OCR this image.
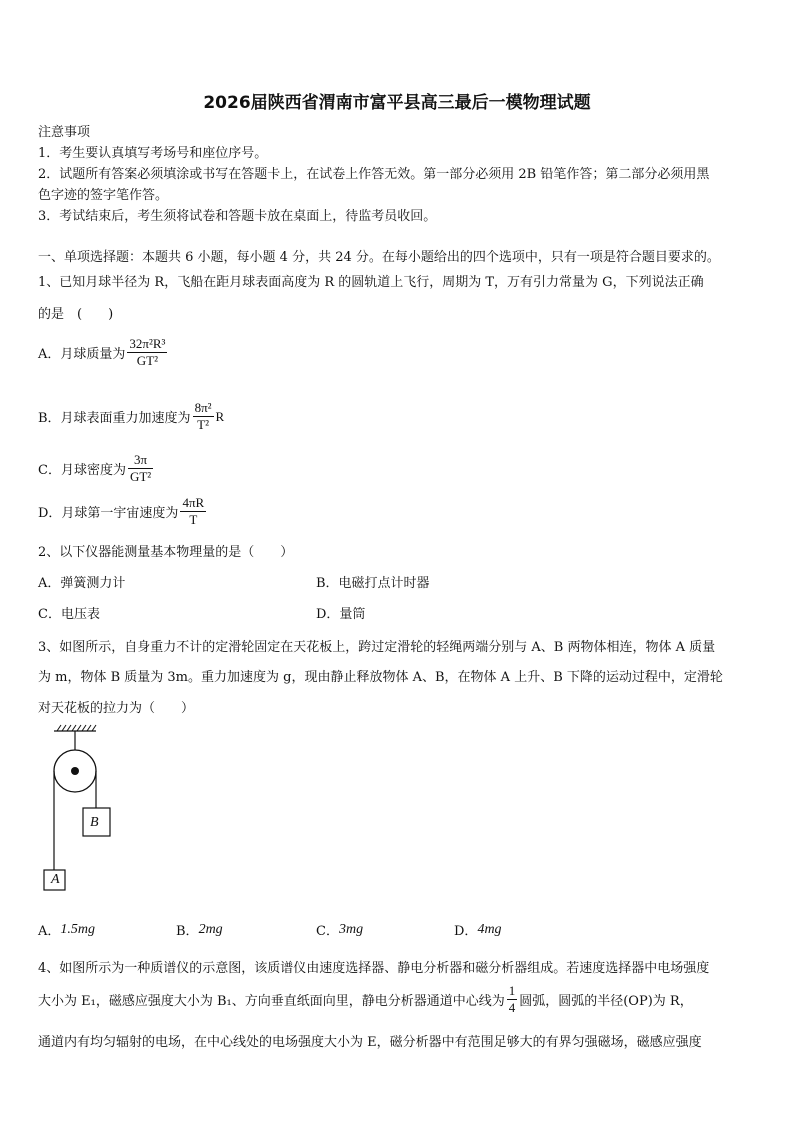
2026届陕西省渭南市富平县高三最后一模物理试题
注意事项
1．考生要认真填写考场号和座位序号。
2．试题所有答案必须填涂或书写在答题卡上，在试卷上作答无效。第一部分必须用 2B 铅笔作答；第二部分必须用黑
色字迹的签字笔作答。
3．考试结束后，考生须将试卷和答题卡放在桌面上，待监考员收回。
一、单项选择题：本题共 6 小题，每小题 4 分，共 24 分。在每小题给出的四个选项中，只有一项是符合题目要求的。
1、已知月球半径为 R，飞船在距月球表面高度为 R 的圆轨道上飞行，周期为 T，万有引力常量为 G，下列说法正确
的是　(　　)
A．月球质量为 $\frac{\text{32π²R³}}{\text{GT²}}$
B．月球表面重力加速度为 $\frac{\text{8π²}}{\text{T²}}$ R
C．月球密度为 $\frac{3\pi}{\text{GT²}}$
D．月球第一宇宙速度为 $\frac{4\pi R}{T}$
2、以下仪器能测量基本物理量的是（　　）
A．弹簧测力计	B．电磁打点计时器
C．电压表	D．量筒
3、如图所示，自身重力不计的定滑轮固定在天花板上，跨过定滑轮的轻绳两端分别与 A、B 两物体相连，物体 A 质量
为 m，物体 B 质量为 3m。重力加速度为 g，现由静止释放物体 A、B，在物体 A 上升、B 下降的运动过程中，定滑轮
对天花板的拉力为（　　）
B
A
A． 1.5mg	B． 2mg	C． 3mg	D． 4mg
4、如图所示为一种质谱仪的示意图，该质谱仪由速度选择器、静电分析器和磁分析器组成。若速度选择器中电场强度
大小为 E₁，磁感应强度大小为 B₁、方向垂直纸面向里，静电分析器通道中心线为 $\frac{1}{4}$ 圆弧，圆弧的半径(OP)为 R，
通道内有均匀辐射的电场，在中心线处的电场强度大小为 E，磁分析器中有范围足够大的有界匀强磁场，磁感应强度
